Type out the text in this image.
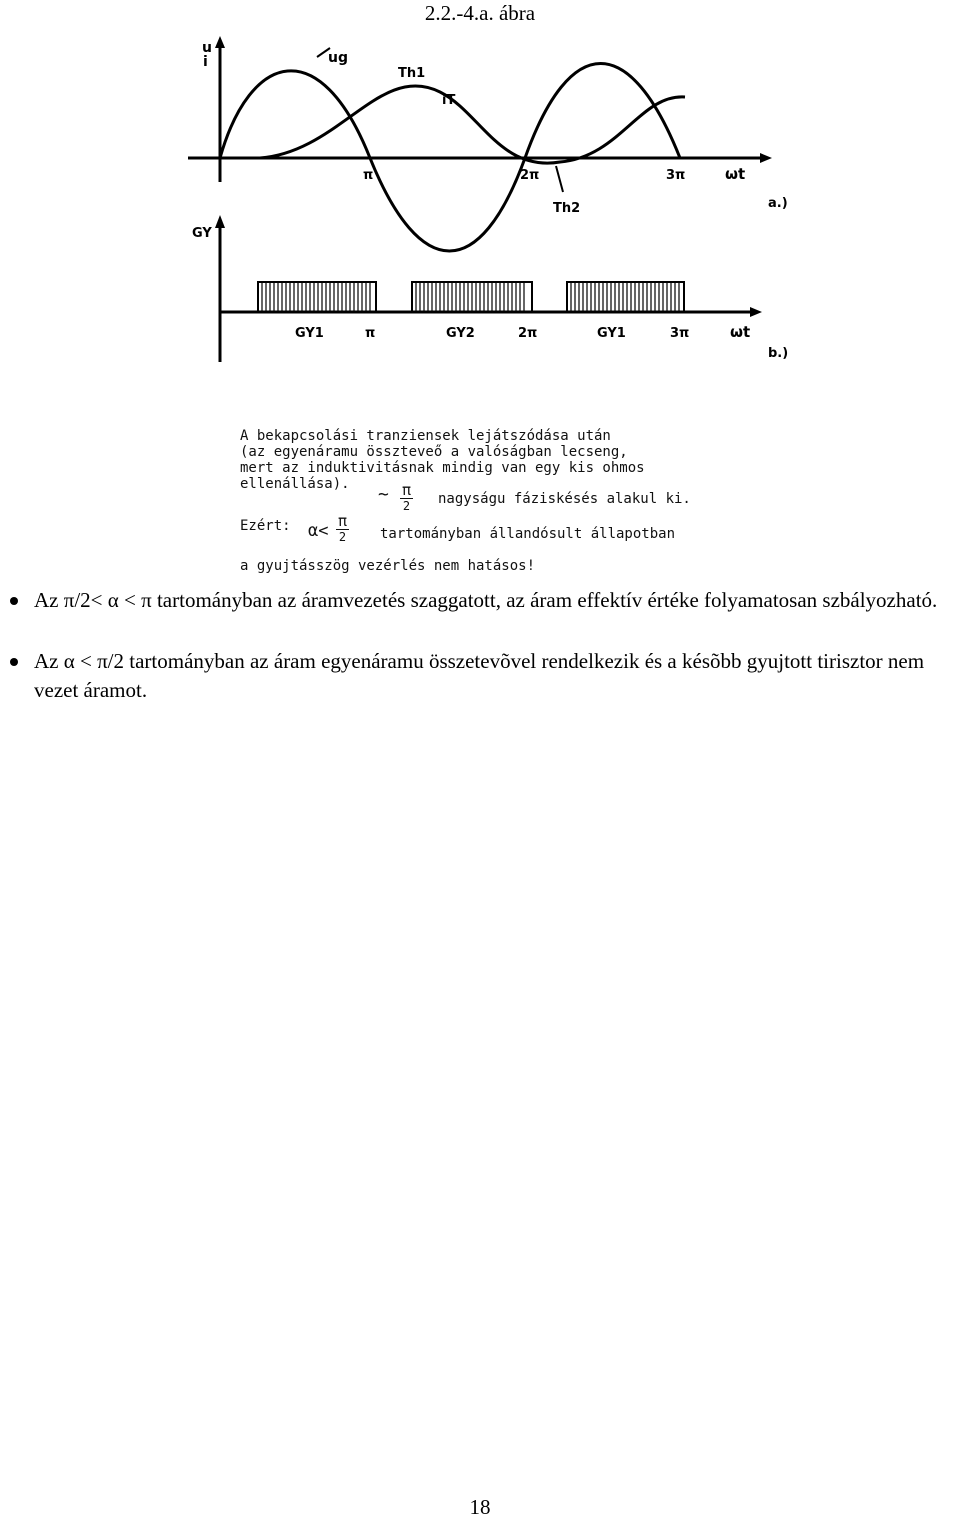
2.2.-4.a. ábra
u
i	ug
Th1
iT
π	2π
Th2
3π	ωt
a.)
GY
GY1	π	GY2	2π	GY1	3π	ωt
b.)
A bekapcsolási tranziensek lejátszódása után
(az egyenáramu összteveő a valóságban lecseng,
mert az induktivitásnak mindig van egy kis ohmos
ellenállása). ~ π
2 nagyságu fáziskésés alakul ki.
Ezért: α< π
2 tartományban állandósult állapotban
a gyujtásszög vezérlés nem hatásos!
Az π/2< α < π tartományban az áramvezetés szaggatott, az áram effektív értéke folyamatosan szbályozható.
Az α < π/2 tartományban az áram egyenáramu összetevõvel rendelkezik és a késõbb gyujtott tirisztor nem vezet áramot.
18
